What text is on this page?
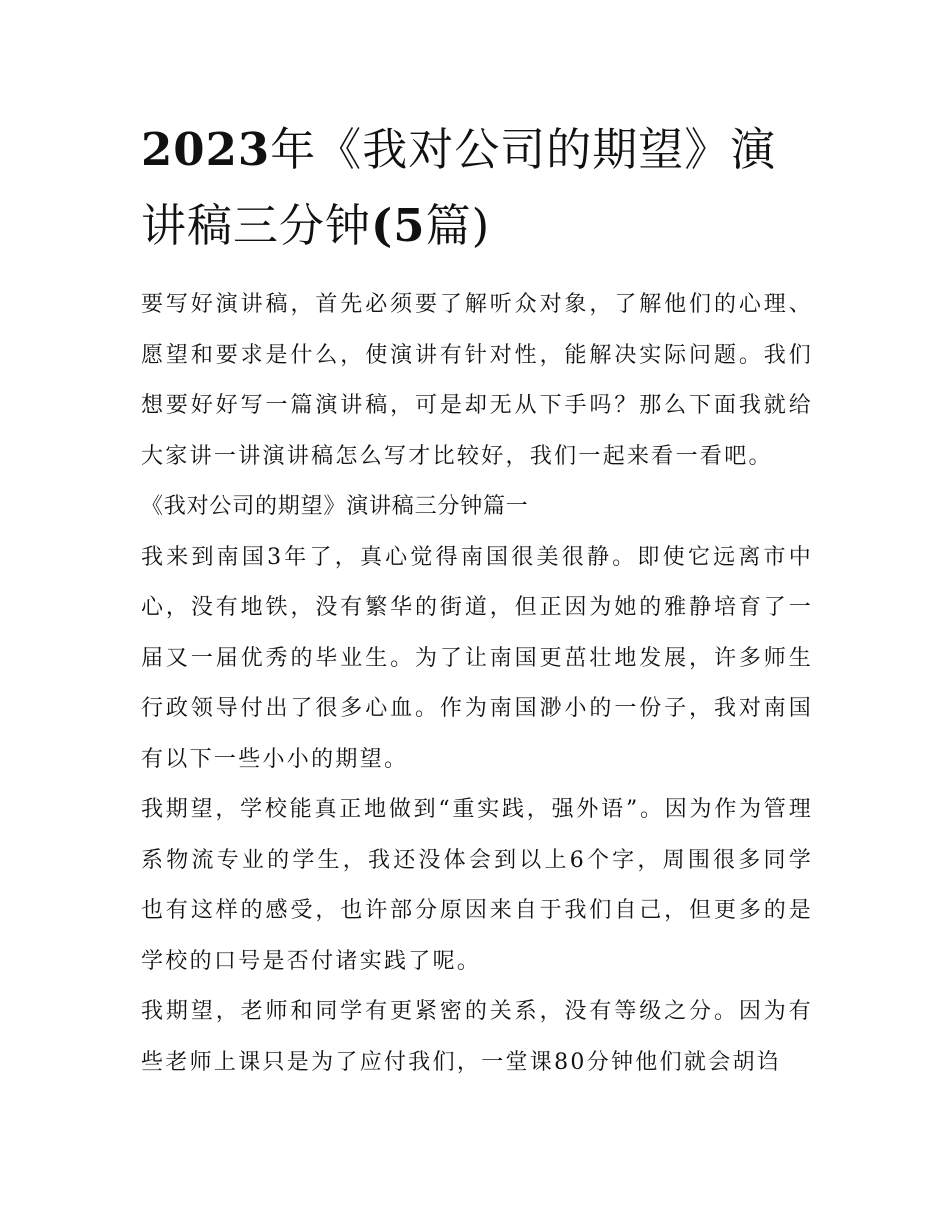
2023年《我对公司的期望》演讲稿三分钟(5篇)

要写好演讲稿，首先必须要了解听众对象，了解他们的心理、愿望和要求是什么，使演讲有针对性，能解决实际问题。我们想要好好写一篇演讲稿，可是却无从下手吗？那么下面我就给大家讲一讲演讲稿怎么写才比较好，我们一起来看一看吧。

《我对公司的期望》演讲稿三分钟篇一

我来到南国3年了，真心觉得南国很美很静。即使它远离市中心，没有地铁，没有繁华的街道，但正因为她的雅静培育了一届又一届优秀的毕业生。为了让南国更茁壮地发展，许多师生行政领导付出了很多心血。作为南国渺小的一份子，我对南国有以下一些小小的期望。

我期望，学校能真正地做到“重实践，强外语”。因为作为管理系物流专业的学生，我还没体会到以上6个字，周围很多同学也有这样的感受，也许部分原因来自于我们自己，但更多的是学校的口号是否付诸实践了呢。

我期望，老师和同学有更紧密的关系，没有等级之分。因为有些老师上课只是为了应付我们，一堂课80分钟他们就会胡诌
